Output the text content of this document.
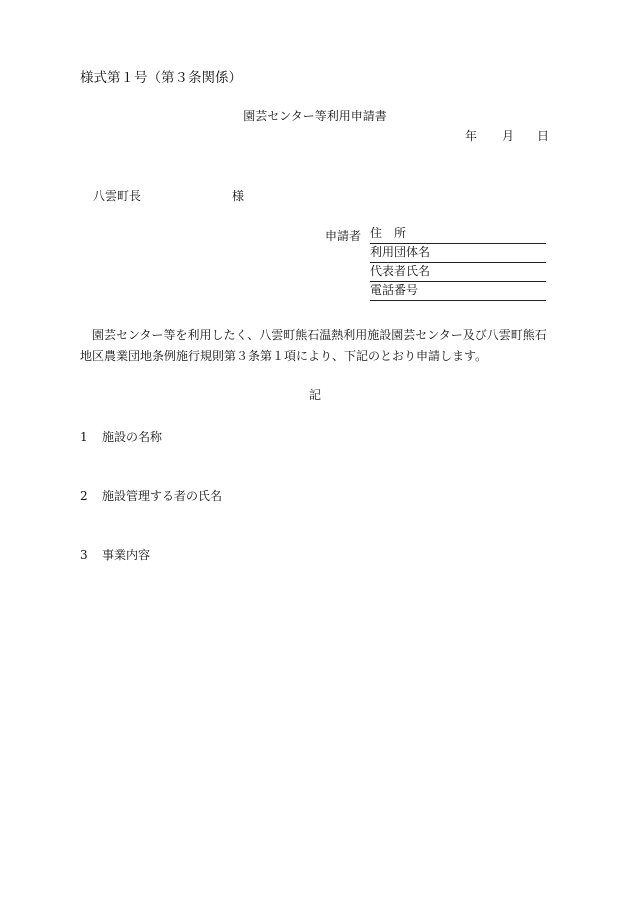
様式第１号（第３条関係）
園芸センター等利用申請書
年 月 日
八雲町長	様
申請者 住　所
利用団体名
代表者氏名
電話番号
園芸センター等を利用したく、八雲町熊石温熱利用施設園芸センター及び八雲町熊石地区農業団地条例施行規則第３条第１項により、下記のとおり申請します。
記
1 施設の名称
2 施設管理する者の氏名
3 事業内容
